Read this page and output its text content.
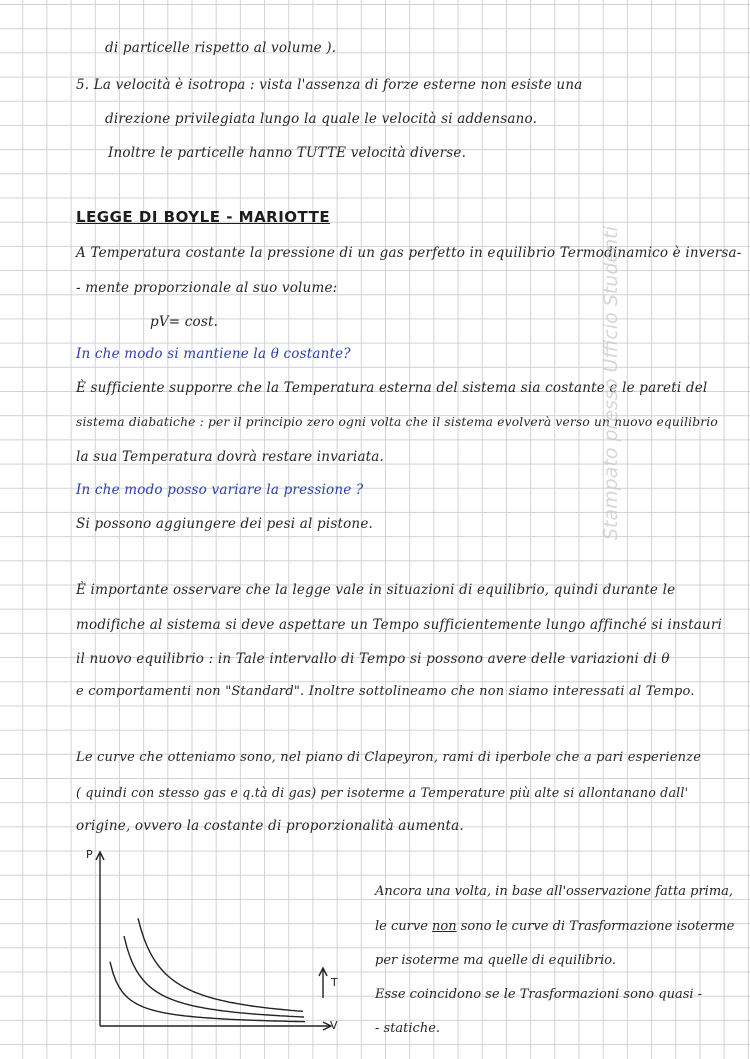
di particelle rispetto al volume ).
5. La velocità è isotropa : vista l'assenza di forze esterne non esiste una
direzione privilegiata lungo la quale le velocità si addensano.
Inoltre le particelle hanno TUTTE velocità diverse.
LEGGE DI BOYLE - MARIOTTE
A Temperatura costante la pressione di un gas perfetto in equilibrio Termodinamico è inversa-
- mente proporzionale al suo volume:
pV= cost.
In che modo si mantiene la θ costante?
È sufficiente supporre che la Temperatura esterna del sistema sia costante e le pareti del
sistema diabatiche : per il principio zero ogni volta che il sistema evolverà verso un nuovo equilibrio
la sua Temperatura dovrà restare invariata.
In che modo posso variare la pressione ?
Si possono aggiungere dei pesi al pistone.
È importante osservare che la legge vale in situazioni di equilibrio, quindi durante le
modifiche al sistema si deve aspettare un Tempo sufficientemente lungo affinché si instauri
il nuovo equilibrio : in Tale intervallo di Tempo si possono avere delle variazioni di θ
e comportamenti non "Standard". Inoltre sottolineamo che non siamo interessati al Tempo.
Le curve che otteniamo sono, nel piano di Clapeyron, rami di iperbole che a pari esperienze
( quindi con stesso gas e q.tà di gas) per isoterme a Temperature più alte si allontanano dall'
origine, ovvero la costante di proporzionalità aumenta.
P
V
T
Ancora una volta, in base all'osservazione fatta prima,
le curve non sono le curve di Trasformazione isoterme
per isoterme ma quelle di equilibrio.
Esse coincidono se le Trasformazioni sono quasi -
- statiche.
Stampato presso Ufficio Studenti
